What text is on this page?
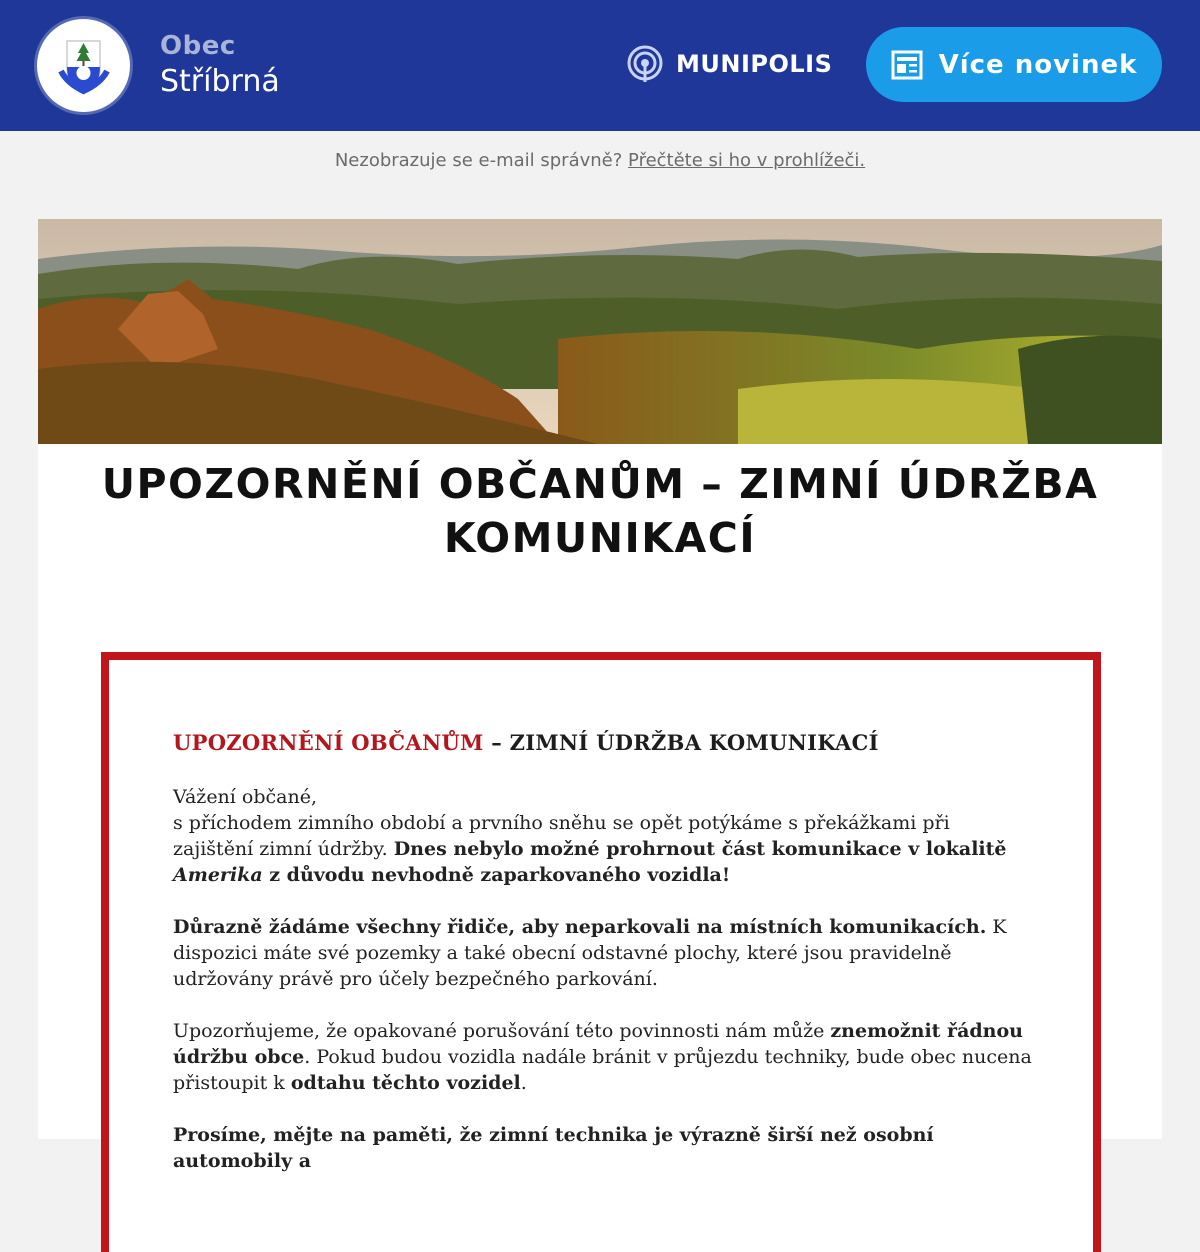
Obec
Stříbrná	MUNIPOLIS	Více novinek
Nezobrazuje se e-mail správně? Přečtěte si ho v prohlížeči.
UPOZORNĚNÍ OBČANŮM – ZIMNÍ ÚDRŽBA
KOMUNIKACÍ
UPOZORNĚNÍ OBČANŮM – ZIMNÍ ÚDRŽBA KOMUNIKACÍ

Vážení občané,
s příchodem zimního období a prvního sněhu se opět potýkáme s překážkami při zajištění zimní údržby. Dnes nebylo možné prohrnout část komunikace v lokalitě Amerika z důvodu nevhodně zaparkovaného vozidla!

Důrazně žádáme všechny řidiče, aby neparkovali na místních komunikacích. K dispozici máte své pozemky a také obecní odstavné plochy, které jsou pravidelně udržovány právě pro účely bezpečného parkování.

Upozorňujeme, že opakované porušování této povinnosti nám může znemožnit řádnou údržbu obce. Pokud budou vozidla nadále bránit v průjezdu techniky, bude obec nucena přistoupit k odtahu těchto vozidel.

Prosíme, mějte na paměti, že zimní technika je výrazně širší než osobní automobily a
